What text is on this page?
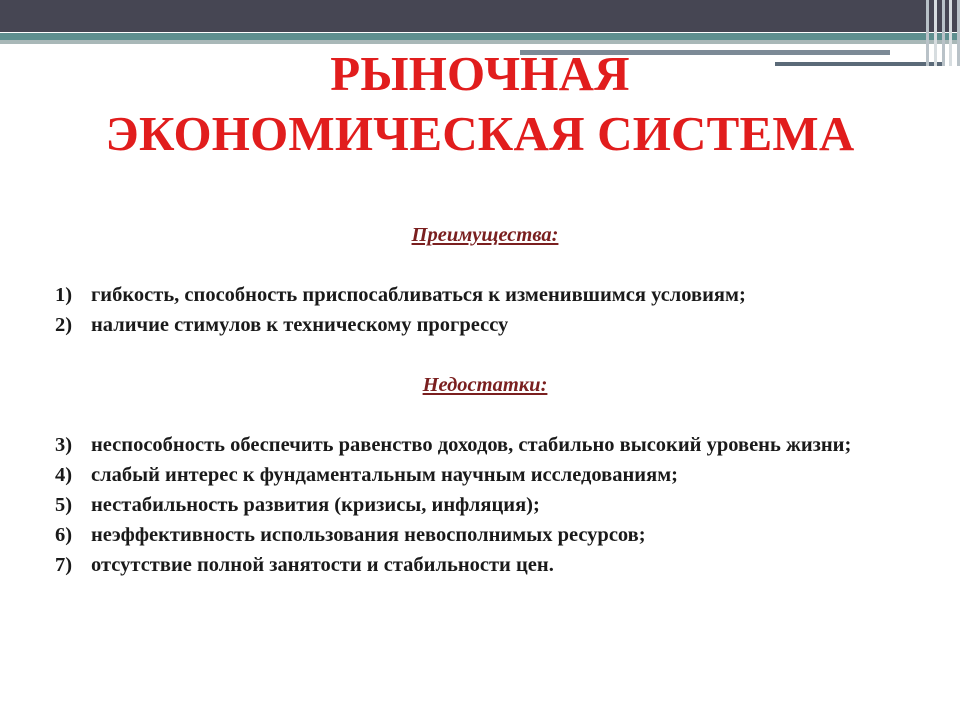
РЫНОЧНАЯ
ЭКОНОМИЧЕСКАЯ СИСТЕМА
Преимущества:
1) гибкость, способность приспосабливаться к изменившимся условиям;
2) наличие стимулов к техническому прогрессу
Недостатки:
3) неспособность обеспечить равенство доходов, стабильно высокий уровень жизни;
4) слабый интерес к фундаментальным научным исследованиям;
5) нестабильность развития (кризисы, инфляция);
6) неэффективность использования невосполнимых ресурсов;
7) отсутствие полной занятости и стабильности цен.
